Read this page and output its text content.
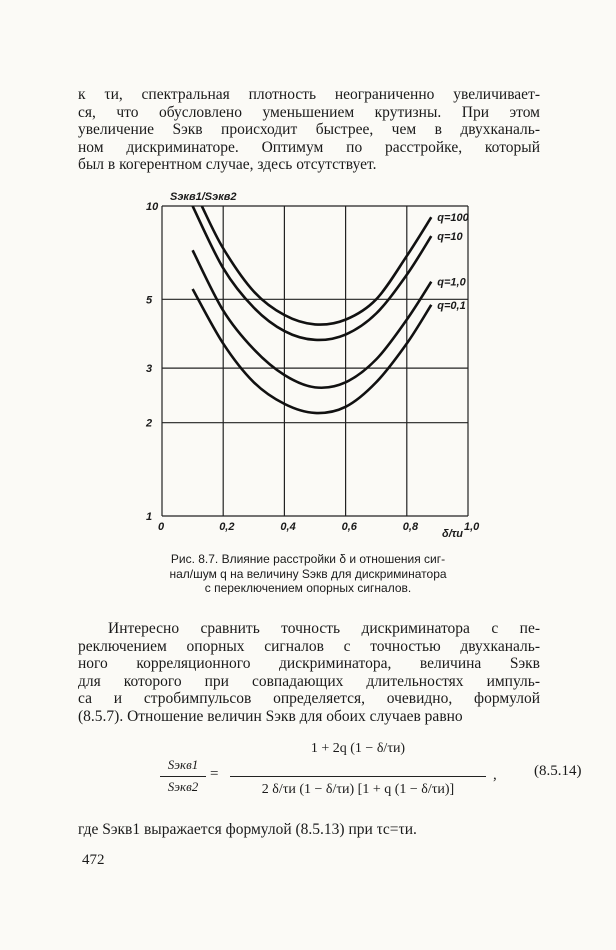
к τи, спектральная плотность неограниченно увеличивает-
ся, что обусловлено уменьшением крутизны. При этом
увеличение Sэкв происходит быстрее, чем в двухканаль-
ном дискриминаторе. Оптимум по расстройке, который
был в когерентном случае, здесь отсутствует.
0	0,2	0,4	0,6	0,8	1,0
1
2
3
5
10
Sэкв1/Sэкв2
δ/τи
q=100
q=10
q=1,0
q=0,1
Рис. 8.7. Влияние расстройки δ и отношения сиг-
нал/шум q на величину Sэкв для дискриминатора
с переключением опорных сигналов.
Интересно сравнить точность дискриминатора с пе-
реключением опорных сигналов с точностью двухканаль-
ного корреляционного дискриминатора, величина Sэкв
для которого при совпадающих длительностях импуль-
са и стробимпульсов определяется, очевидно, формулой
(8.5.7). Отношение величин Sэкв для обоих случаев равно
Sэкв1
Sэкв2
=
1 + 2q (1 − δ/τи)
2 δ/τи (1 − δ/τи) [1 + q (1 − δ/τи)]
, (8.5.14)
где Sэкв1 выражается формулой (8.5.13) при τс=τи.
472
